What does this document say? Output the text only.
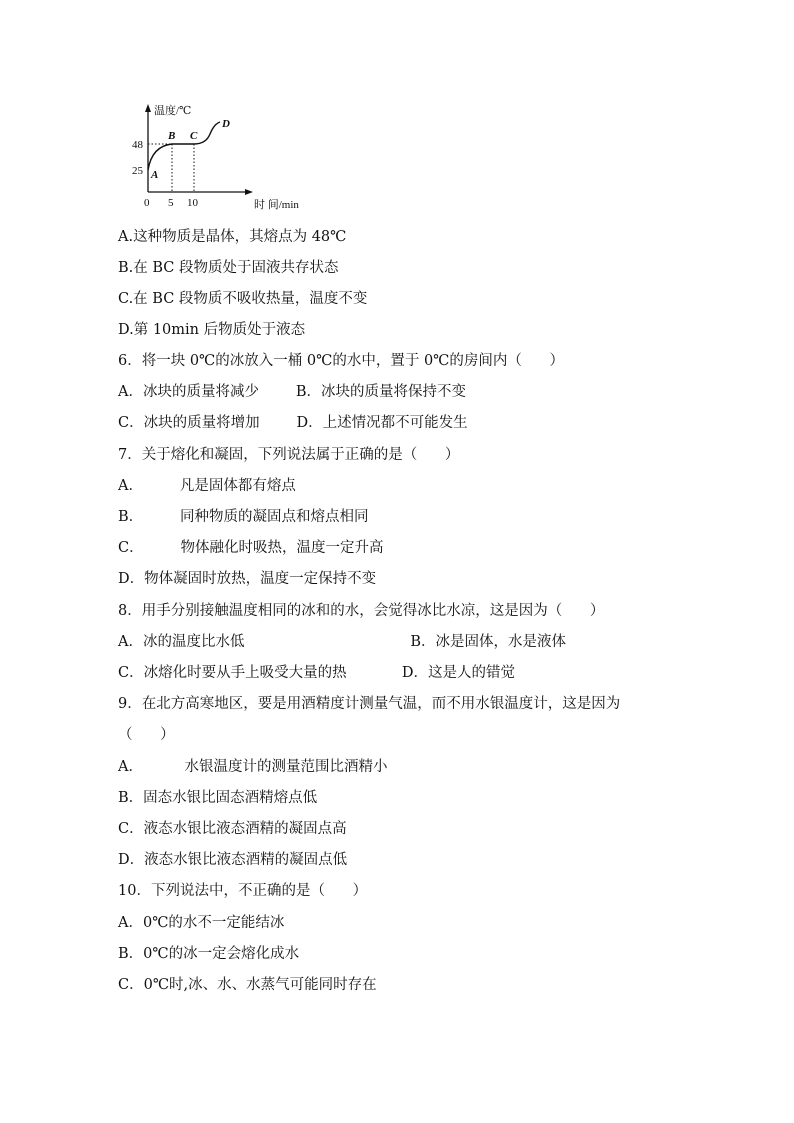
温度/℃
时 间/min
48
25
0 5 10
A
B C
D
A.这种物质是晶体，其熔点为 48℃
B.在 BC 段物质处于固液共存状态
C.在 BC 段物质不吸收热量，温度不变
D.第 10min 后物质处于液态
6．将一块 0℃的冰放入一桶 0℃的水中，置于 0℃的房间内（      ）
A．冰块的质量将减少        B．冰块的质量将保持不变
C．冰块的质量将增加        D．上述情况都不可能发生
7．关于熔化和凝固，下列说法属于正确的是（      ）
A．        凡是固体都有熔点
B．        同种物质的凝固点和熔点相同
C．        物体融化时吸热，温度一定升高
D．物体凝固时放热，温度一定保持不变
8．用手分别接触温度相同的冰和的水，会觉得冰比水凉，这是因为（      ）
A．冰的温度比水低                                    B．冰是固体，水是液体
C．冰熔化时要从手上吸受大量的热            D．这是人的错觉
9．在北方高寒地区，要是用酒精度计测量气温，而不用水银温度计，这是因为
（      ）
A．         水银温度计的测量范围比酒精小
B．固态水银比固态酒精熔点低
C．液态水银比液态酒精的凝固点高
D．液态水银比液态酒精的凝固点低
10．下列说法中，不正确的是（      ）
A．0℃的水不一定能结冰
B．0℃的冰一定会熔化成水
C．0℃时,冰、水、水蒸气可能同时存在
